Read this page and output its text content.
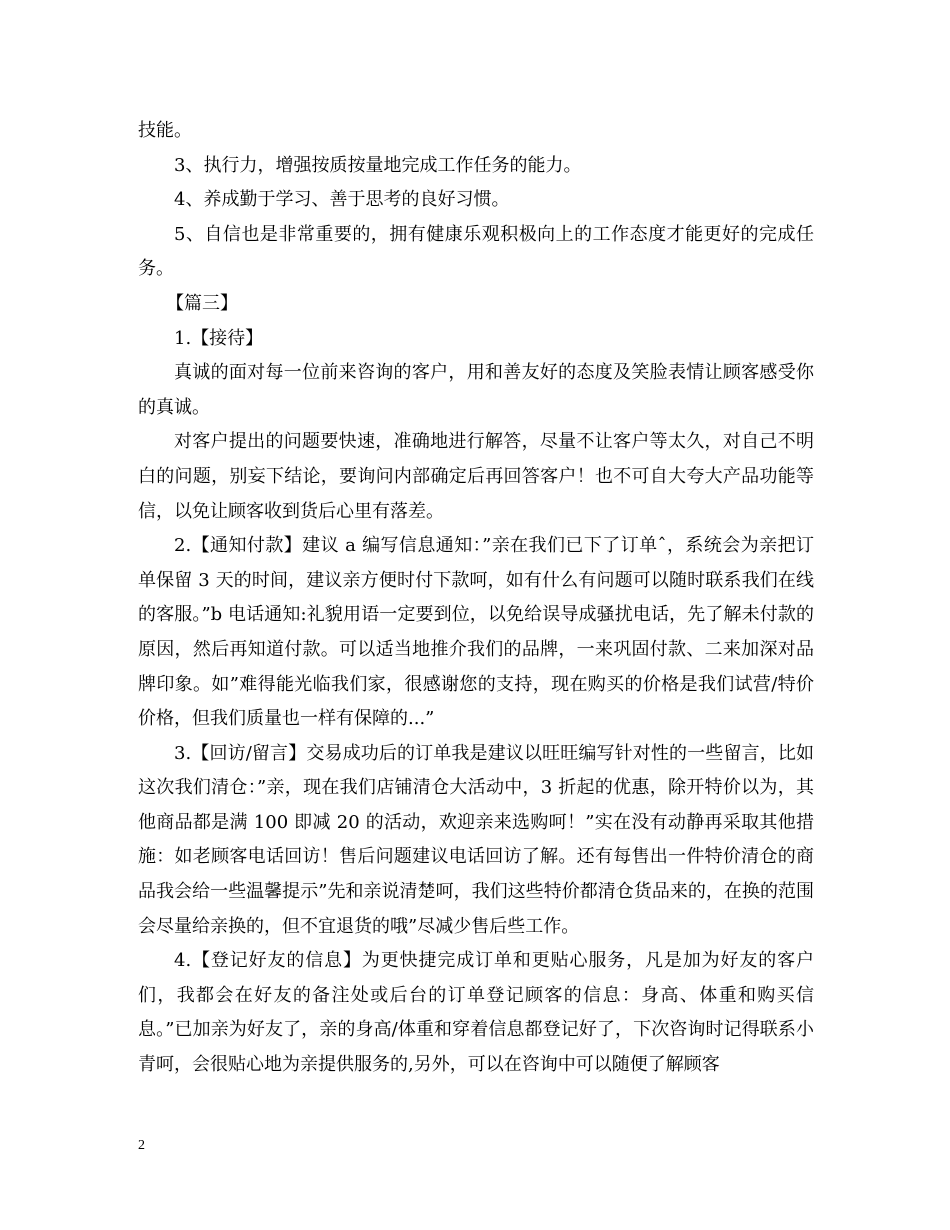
技能。

3、执行力，增强按质按量地完成工作任务的能力。

4、养成勤于学习、善于思考的良好习惯。

5、自信也是非常重要的，拥有健康乐观积极向上的工作态度才能更好的完成任务。

【篇三】

1.【接待】

真诚的面对每一位前来咨询的客户，用和善友好的态度及笑脸表情让顾客感受你的真诚。

对客户提出的问题要快速，准确地进行解答，尽量不让客户等太久，对自己不明白的问题，别妄下结论，要询问内部确定后再回答客户！也不可自大夸大产品功能等信，以免让顾客收到货后心里有落差。

2.【通知付款】建议 a 编写信息通知：”亲在我们已下了订单ˆ，系统会为亲把订单保留 3 天的时间，建议亲方便时付下款呵，如有什么有问题可以随时联系我们在线的客服。”b 电话通知:礼貌用语一定要到位，以免给误导成骚扰电话，先了解未付款的原因，然后再知道付款。可以适当地推介我们的品牌，一来巩固付款、二来加深对品牌印象。如”难得能光临我们家，很感谢您的支持，现在购买的价格是我们试营/特价价格，但我们质量也一样有保障的...”

3.【回访/留言】交易成功后的订单我是建议以旺旺编写针对性的一些留言，比如这次我们清仓：”亲，现在我们店铺清仓大活动中，3 折起的优惠，除开特价以为，其他商品都是满 100 即减 20 的活动，欢迎亲来选购呵！”实在没有动静再采取其他措施：如老顾客电话回访！售后问题建议电话回访了解。还有每售出一件特价清仓的商品我会给一些温馨提示”先和亲说清楚呵，我们这些特价都清仓货品来的，在换的范围会尽量给亲换的，但不宜退货的哦”尽减少售后些工作。

4.【登记好友的信息】为更快捷完成订单和更贴心服务，凡是加为好友的客户们，我都会在好友的备注处或后台的订单登记顾客的信息：身高、体重和购买信息。”已加亲为好友了，亲的身高/体重和穿着信息都登记好了，下次咨询时记得联系小青呵，会很贴心地为亲提供服务的,另外，可以在咨询中可以随便了解顾客

2
